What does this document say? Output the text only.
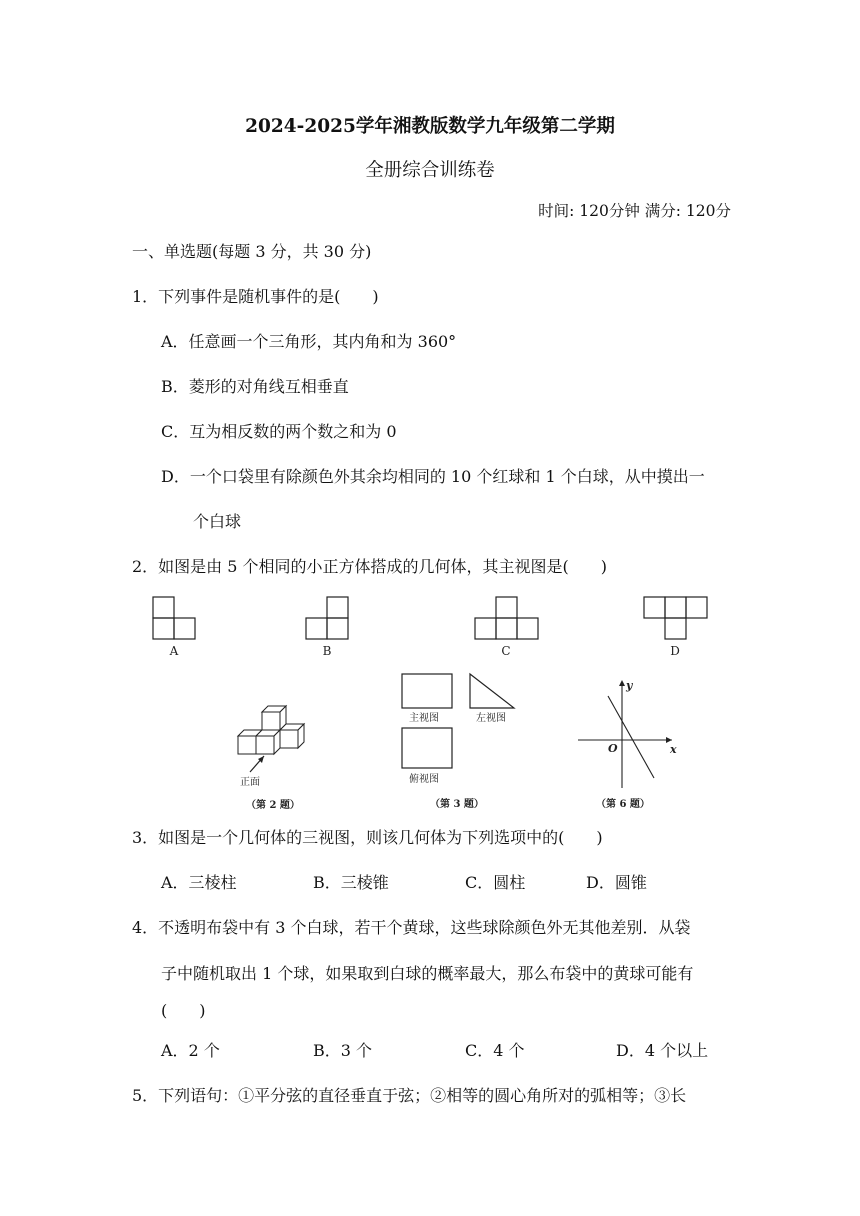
2024-2025学年湘教版数学九年级第二学期
全册综合训练卷
时间: 120分钟 满分: 120分
一、单选题(每题 3 分，共 30 分)
1．下列事件是随机事件的是(　　)
A．任意画一个三角形，其内角和为 360°
B．菱形的对角线互相垂直
C．互为相反数的两个数之和为 0
D．一个口袋里有除颜色外其余均相同的 10 个红球和 1 个白球，从中摸出一
个白球
2．如图是由 5 个相同的小正方体搭成的几何体，其主视图是(　　)
A	B	C	D
正面
（第 2 题）
主视图	左视图
俯视图
（第 3 题）
y
x
O
（第 6 题）
3．如图是一个几何体的三视图，则该几何体为下列选项中的(　　)
A．三棱柱	B．三棱锥	C．圆柱	D．圆锥
4．不透明布袋中有 3 个白球，若干个黄球，这些球除颜色外无其他差别．从袋
子中随机取出 1 个球，如果取到白球的概率最大，那么布袋中的黄球可能有
(　　)
A．2 个	B．3 个	C．4 个	D．4 个以上
5．下列语句：①平分弦的直径垂直于弦；②相等的圆心角所对的弧相等；③长
